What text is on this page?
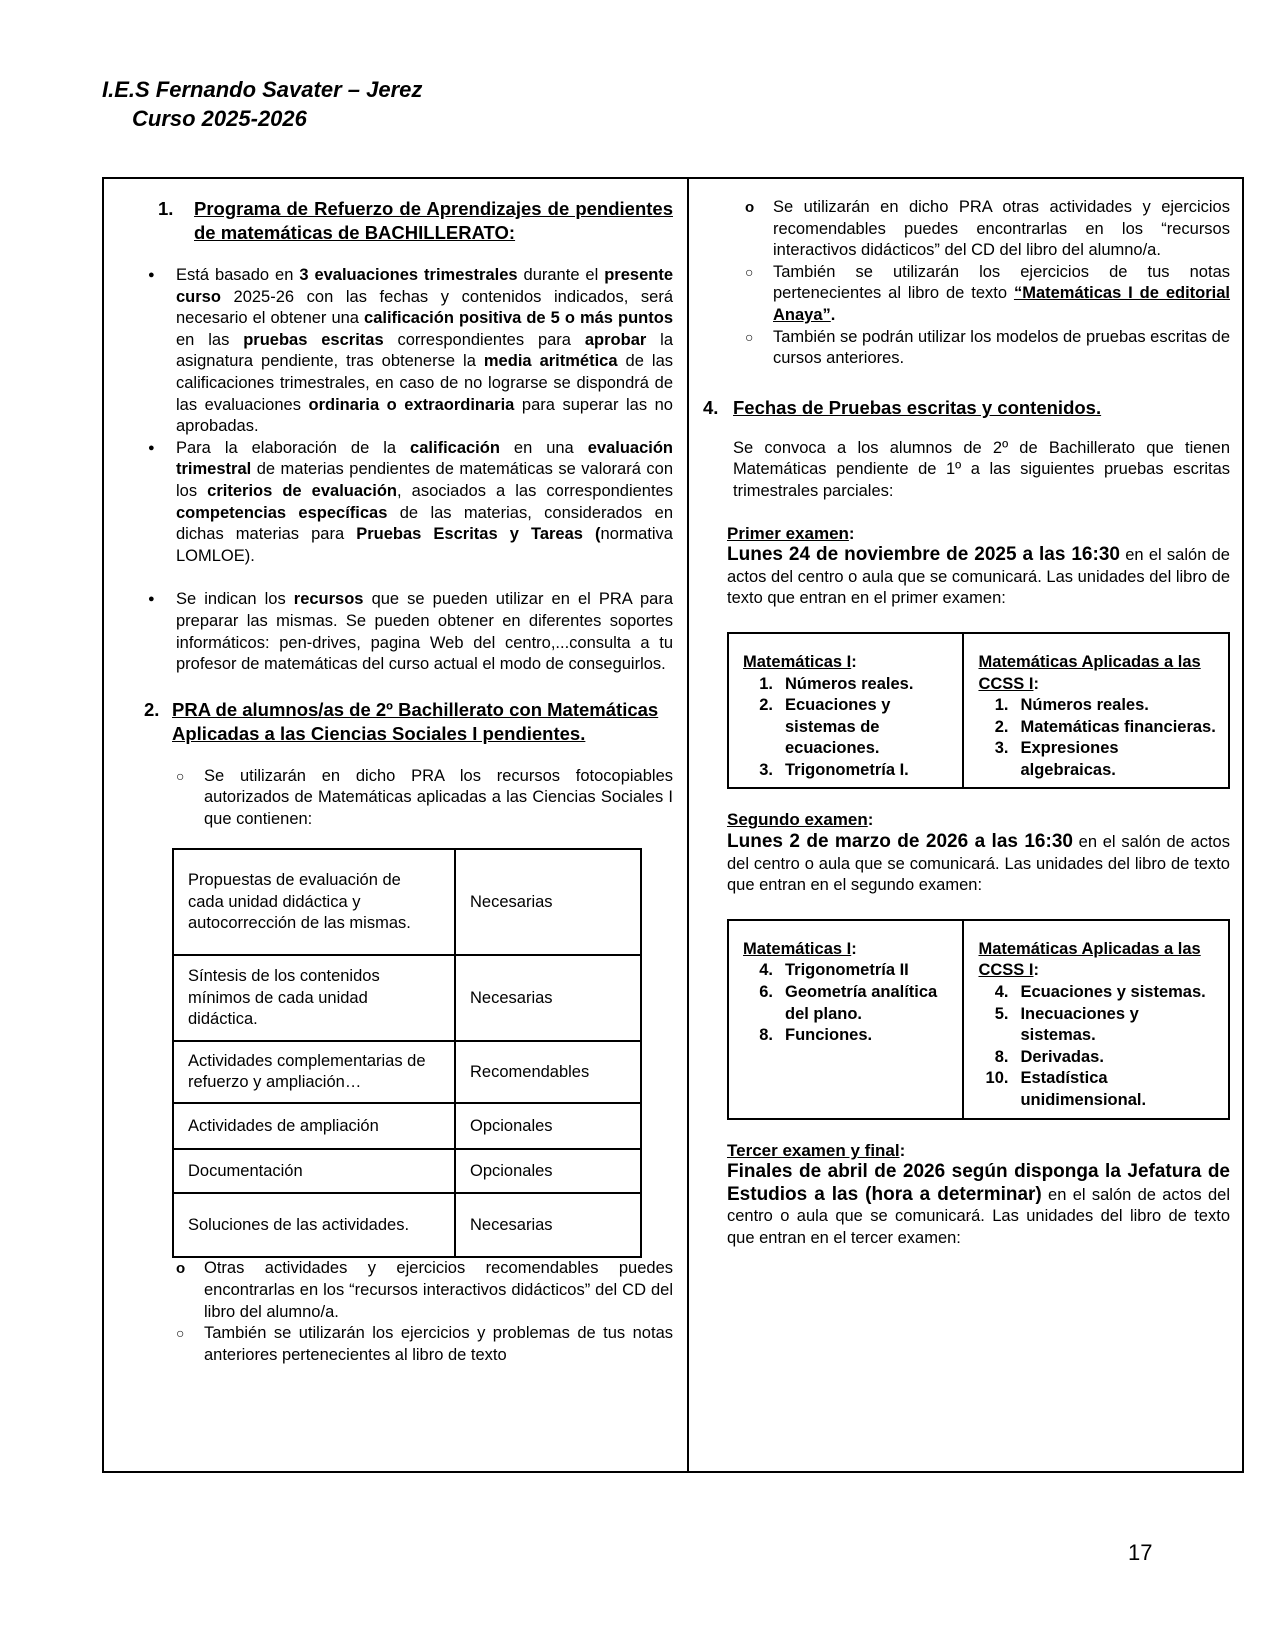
I.E.S Fernando Savater – Jerez
Curso 2025-2026
1.	Programa de Refuerzo de Aprendizajes de pendientes de matemáticas de BACHILLERATO:
● Está basado en 3 evaluaciones trimestrales durante el presente curso 2025-26 con las fechas y contenidos indicados, será necesario el obtener una calificación positiva de 5 o más puntos en las pruebas escritas correspondientes para aprobar la asignatura pendiente, tras obtenerse la media aritmética de las calificaciones trimestrales, en caso de no lograrse se dispondrá de las evaluaciones ordinaria o extraordinaria para superar las no aprobadas.
● Para la elaboración de la calificación en una evaluación trimestral de materias pendientes de matemáticas se valorará con los criterios de evaluación, asociados a las correspondientes competencias específicas de las materias, considerados en dichas materias para Pruebas Escritas y Tareas (normativa LOMLOE).
● Se indican los recursos que se pueden utilizar en el PRA para preparar las mismas. Se pueden obtener en diferentes soportes informáticos: pen-drives, pagina Web del centro,...consulta a tu profesor de matemáticas del curso actual el modo de conseguirlos.
2. PRA de alumnos/as de 2º Bachillerato con Matemáticas Aplicadas a las Ciencias Sociales I pendientes.
○ Se utilizarán en dicho PRA los recursos fotocopiables autorizados de Matemáticas aplicadas a las Ciencias Sociales I que contienen:
Propuestas de evaluación de cada unidad didáctica y autocorrección de las mismas.	Necesarias
Síntesis de los contenidos mínimos de cada unidad didáctica.	Necesarias
Actividades complementarias de refuerzo y ampliación…	Recomendables
Actividades de ampliación	Opcionales
Documentación	Opcionales
Soluciones de las actividades.	Necesarias
o Otras actividades y ejercicios recomendables puedes encontrarlas en los “recursos interactivos didácticos” del CD del libro del alumno/a.
○ También se utilizarán los ejercicios y problemas de tus notas anteriores pertenecientes al libro de texto
o Se utilizarán en dicho PRA otras actividades y ejercicios recomendables puedes encontrarlas en los “recursos interactivos didácticos” del CD del libro del alumno/a.
○ También se utilizarán los ejercicios de tus notas pertenecientes al libro de texto “Matemáticas I de editorial Anaya”.
○ También se podrán utilizar los modelos de pruebas escritas de cursos anteriores.
4. Fechas de Pruebas escritas y contenidos.

Se convoca a los alumnos de 2º de Bachillerato que tienen Matemáticas pendiente de 1º a las siguientes pruebas escritas trimestrales parciales:

Primer examen:

Lunes 24 de noviembre de 2025 a las 16:30 en el salón de actos del centro o aula que se comunicará. Las unidades del libro de texto que entran en el primer examen:

Matemáticas I:
1. Números reales.
2. Ecuaciones y sistemas de ecuaciones.
3. Trigonometría I.

Matemáticas Aplicadas a las CCSS I:
1. Números reales.
2. Matemáticas financieras.
3. Expresiones algebraicas.
Segundo examen:

Lunes 2 de marzo de 2026 a las 16:30 en el salón de actos del centro o aula que se comunicará. Las unidades del libro de texto que entran en el segundo examen:

Matemáticas I:
4. Trigonometría II
6. Geometría analítica del plano.
8. Funciones.

Matemáticas Aplicadas a las CCSS I:
4. Ecuaciones y sistemas.
5. Inecuaciones y sistemas.
8. Derivadas.
10. Estadística unidimensional.
Tercer examen y final:

Finales de abril de 2026 según disponga la Jefatura de Estudios a las (hora a determinar) en el salón de actos del centro o aula que se comunicará. Las unidades del libro de texto que entran en el tercer examen:

17
